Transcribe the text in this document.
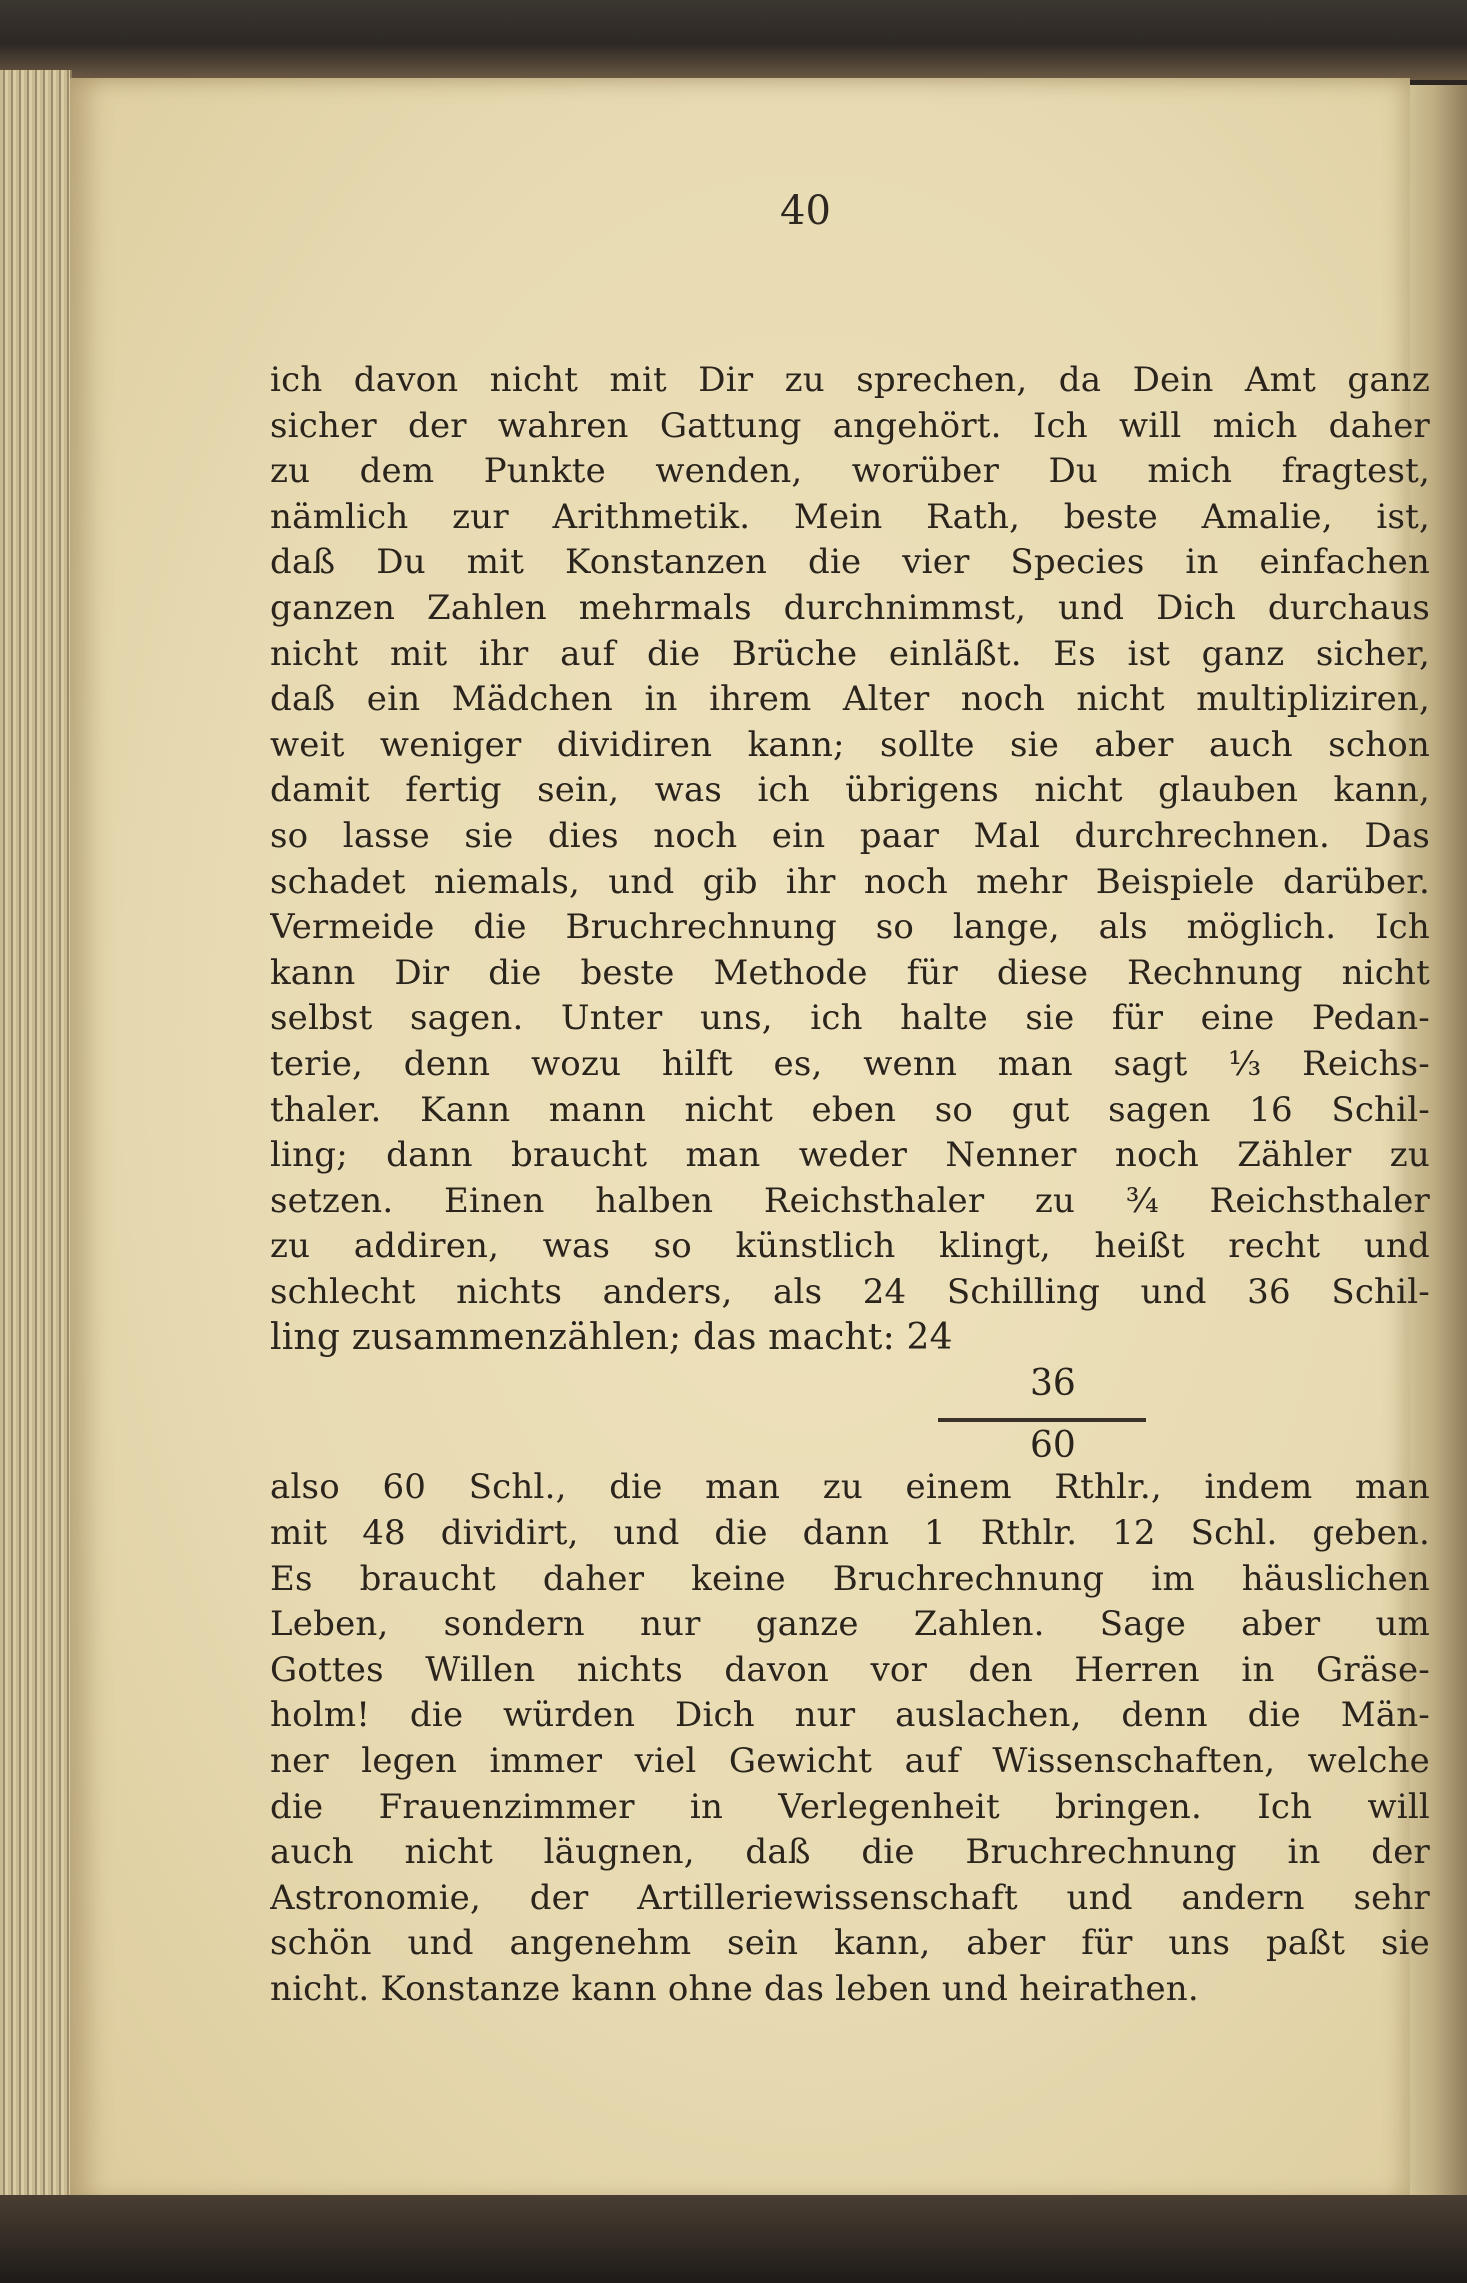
40
ich davon nicht mit Dir zu sprechen, da Dein Amt ganz
sicher der wahren Gattung angehört. Ich will mich daher
zu dem Punkte wenden, worüber Du mich fragtest,
nämlich zur Arithmetik. Mein Rath, beste Amalie, ist,
daß Du mit Konstanzen die vier Species in einfachen
ganzen Zahlen mehrmals durchnimmst, und Dich durchaus
nicht mit ihr auf die Brüche einläßt. Es ist ganz sicher,
daß ein Mädchen in ihrem Alter noch nicht multipliziren,
weit weniger dividiren kann; sollte sie aber auch schon
damit fertig sein, was ich übrigens nicht glauben kann,
so lasse sie dies noch ein paar Mal durchrechnen. Das
schadet niemals, und gib ihr noch mehr Beispiele darüber.
Vermeide die Bruchrechnung so lange, als möglich. Ich
kann Dir die beste Methode für diese Rechnung nicht
selbst sagen. Unter uns, ich halte sie für eine Pedan-
terie, denn wozu hilft es, wenn man sagt ⅓ Reichs-
thaler. Kann mann nicht eben so gut sagen 16 Schil-
ling; dann braucht man weder Nenner noch Zähler zu
setzen. Einen halben Reichsthaler zu ¾ Reichsthaler
zu addiren, was so künstlich klingt, heißt recht und
schlecht nichts anders, als 24 Schilling und 36 Schil-
ling zusammenzählen; das macht: 24
36
60
also 60 Schl., die man zu einem Rthlr., indem man
mit 48 dividirt, und die dann 1 Rthlr. 12 Schl. geben.
Es braucht daher keine Bruchrechnung im häuslichen
Leben, sondern nur ganze Zahlen. Sage aber um
Gottes Willen nichts davon vor den Herren in Gräse-
holm! die würden Dich nur auslachen, denn die Män-
ner legen immer viel Gewicht auf Wissenschaften, welche
die Frauenzimmer in Verlegenheit bringen. Ich will
auch nicht läugnen, daß die Bruchrechnung in der
Astronomie, der Artilleriewissenschaft und andern sehr
schön und angenehm sein kann, aber für uns paßt sie
nicht. Konstanze kann ohne das leben und heirathen.
